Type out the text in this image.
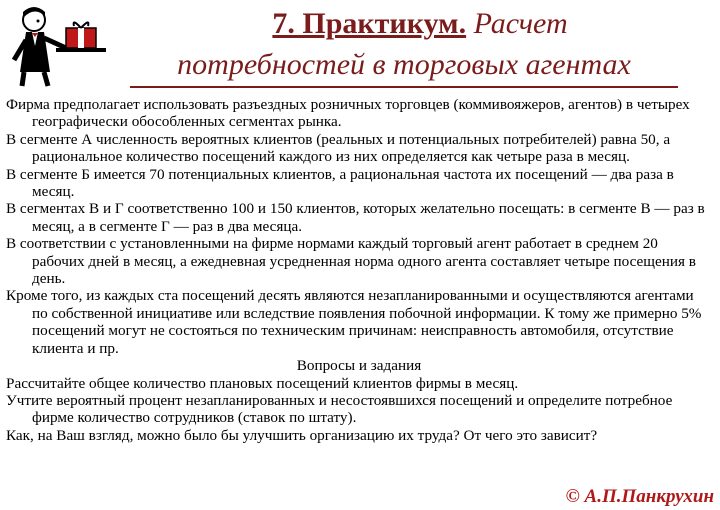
7. Практикум. Расчет
потребностей в торговых агентах

Фирма предполагает использовать разъездных розничных торговцев (коммивояжеров, агентов) в четырех географически обособленных сегментах рынка.

В сегменте А численность вероятных клиентов (реальных и потенциальных потребителей) равна 50, а рациональное количество посещений каждого из них определяется как четыре раза в месяц.

В сегменте Б имеется 70 потенциальных клиентов, а рациональная частота их посещений — два раза в месяц.

В сегментах В и Г соответственно 100 и 150 клиентов, которых желательно посещать: в сегменте В — раз в месяц, а в сегменте Г — раз в два месяца.

В соответствии с установленными на фирме нормами каждый торговый агент работает в среднем 20 рабочих дней в месяц, а ежедневная усредненная норма одного агента составляет четыре посещения в день.

Кроме того, из каждых ста посещений десять являются незапланированными и осуществляются агентами по собственной инициативе или вследствие появления побочной информации. К тому же примерно 5% посещений могут не состояться по техническим причинам: неисправность автомобиля, отсутствие клиента и пр.

Вопросы и задания

Рассчитайте общее количество плановых посещений клиентов фирмы в месяц.

Учтите вероятный процент незапланированных и несостоявшихся посещений и определите потребное фирме количество сотрудников (ставок по штату).

Как, на Ваш взгляд, можно было бы улучшить организацию их труда? От чего это зависит?

© А.П.Панкрухин
